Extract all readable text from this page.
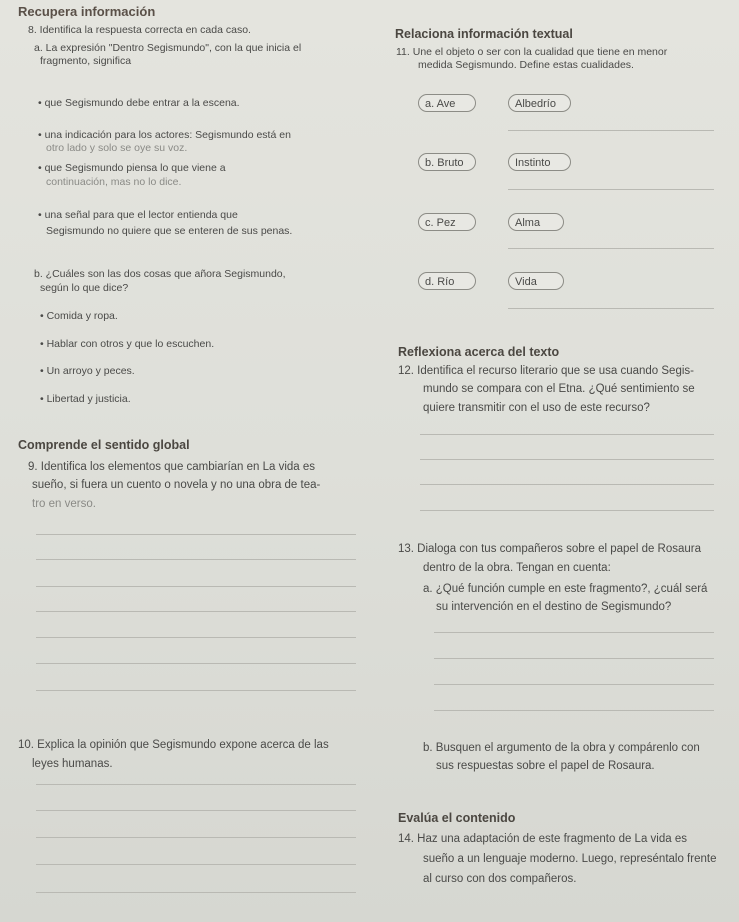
Recupera información
8. Identifica la respuesta correcta en cada caso.
a. La expresión "Dentro Segismundo", con la que inicia el
fragmento, significa
• que Segismundo debe entrar a la escena.
• una indicación para los actores: Segismundo está en
otro lado y solo se oye su voz.
• que Segismundo piensa lo que viene a
continuación, mas no lo dice.
• una señal para que el lector entienda que
Segismundo no quiere que se enteren de sus penas.
b. ¿Cuáles son las dos cosas que añora Segismundo,
según lo que dice?
• Comida y ropa.
• Hablar con otros y que lo escuchen.
• Un arroyo y peces.
• Libertad y justicia.
Comprende el sentido global
9. Identifica los elementos que cambiarían en La vida es
sueño, si fuera un cuento o novela y no una obra de tea-
tro en verso.
10. Explica la opinión que Segismundo expone acerca de las
leyes humanas.
Relaciona información textual
11. Une el objeto o ser con la cualidad que tiene en menor
medida Segismundo. Define estas cualidades.
a. Ave	Albedrío
b. Bruto	Instinto
c. Pez	Alma
d. Río	Vida
Reflexiona acerca del texto
12. Identifica el recurso literario que se usa cuando Segis-
mundo se compara con el Etna. ¿Qué sentimiento se
quiere transmitir con el uso de este recurso?
13. Dialoga con tus compañeros sobre el papel de Rosaura
dentro de la obra. Tengan en cuenta:
a. ¿Qué función cumple en este fragmento?, ¿cuál será
su intervención en el destino de Segismundo?
b. Busquen el argumento de la obra y compárenlo con
sus respuestas sobre el papel de Rosaura.
Evalúa el contenido
14. Haz una adaptación de este fragmento de La vida es
sueño a un lenguaje moderno. Luego, represéntalo frente
al curso con dos compañeros.
